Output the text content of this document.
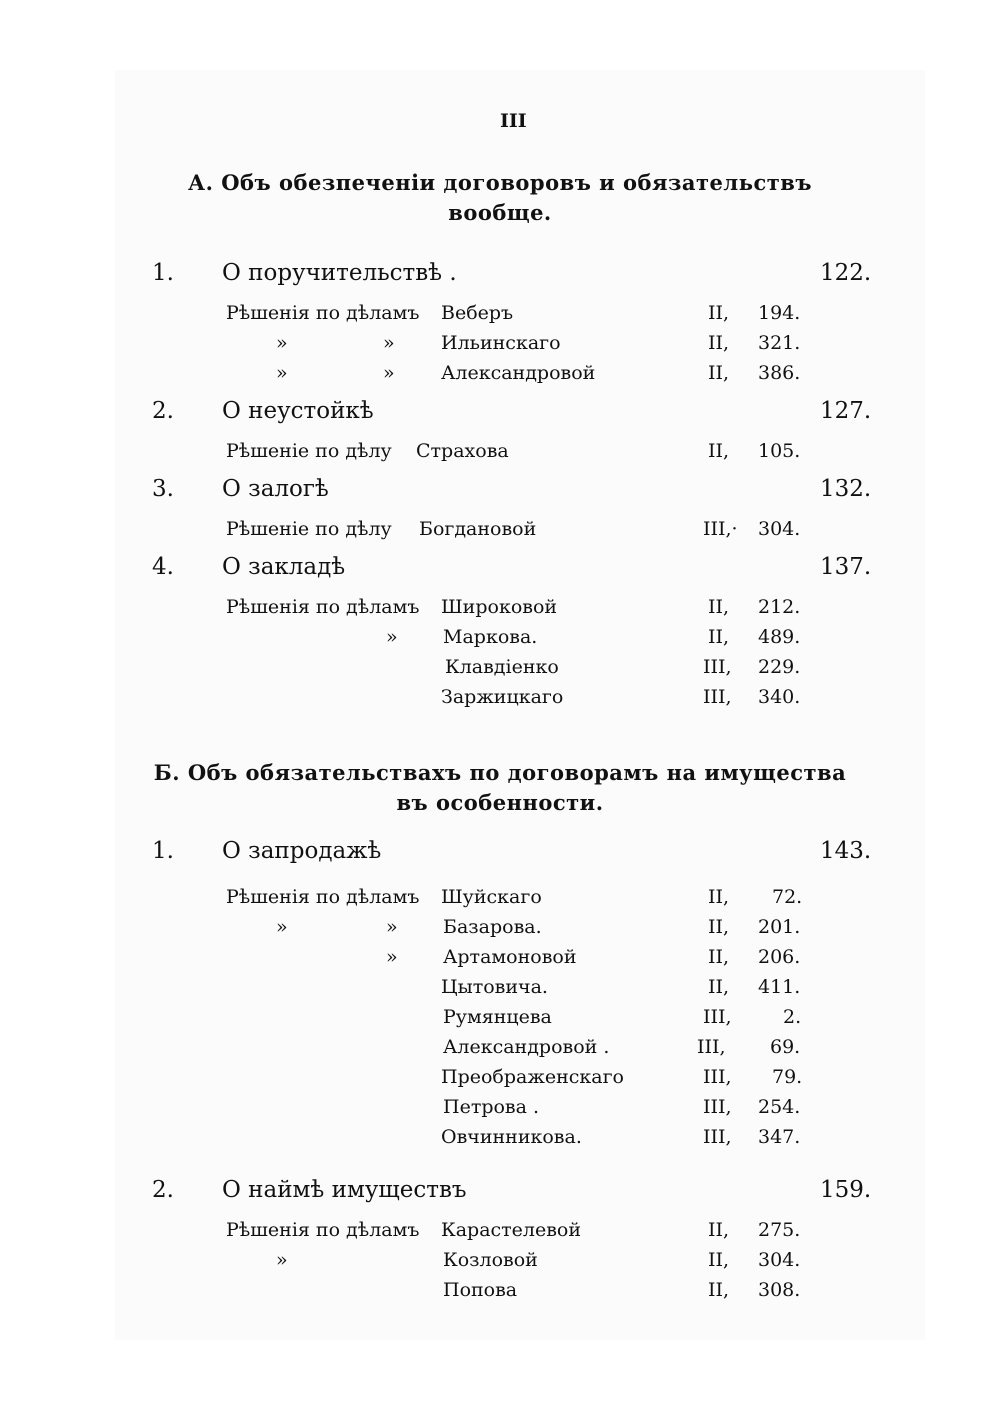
III
А. Объ обезпеченіи договоровъ и обязательствъ
вообще.
1. О поручительствѣ .	122.
Рѣшенія по дѣламъ Веберъ	II, 194.
»	» Ильинскаго	II, 321.
»	» Александровой	II, 386.
2. О неустойкѣ	127.
Рѣшеніе по дѣлу Страхова	II, 105.
3. О залогѣ	132.
Рѣшеніе по дѣлу Богдановой	III,· 304.
4. О закладѣ	137.
Рѣшенія по дѣламъ Широковой	II, 212.
» Маркова.	II, 489.
Клавдіенко	III, 229.
Заржицкаго	III, 340.
Б. Объ обязательствахъ по договорамъ на имущества
въ особенности.
1. О запродажѣ	143.
Рѣшенія по дѣламъ Шуйскаго	II, 72.
»	» Базарова.	II, 201.
» Артамоновой	II, 206.
Цытовича.	II, 411.
Румянцева	III,	2.
Александровой .	III, 69.
Преображенскаго	III, 79.
Петрова .	III, 254.
Овчинникова.	III, 347.
2. О наймѣ имуществъ	159.
Рѣшенія по дѣламъ Карастелевой	II, 275.
»	Козловой	II, 304.
Попова	II, 308.
